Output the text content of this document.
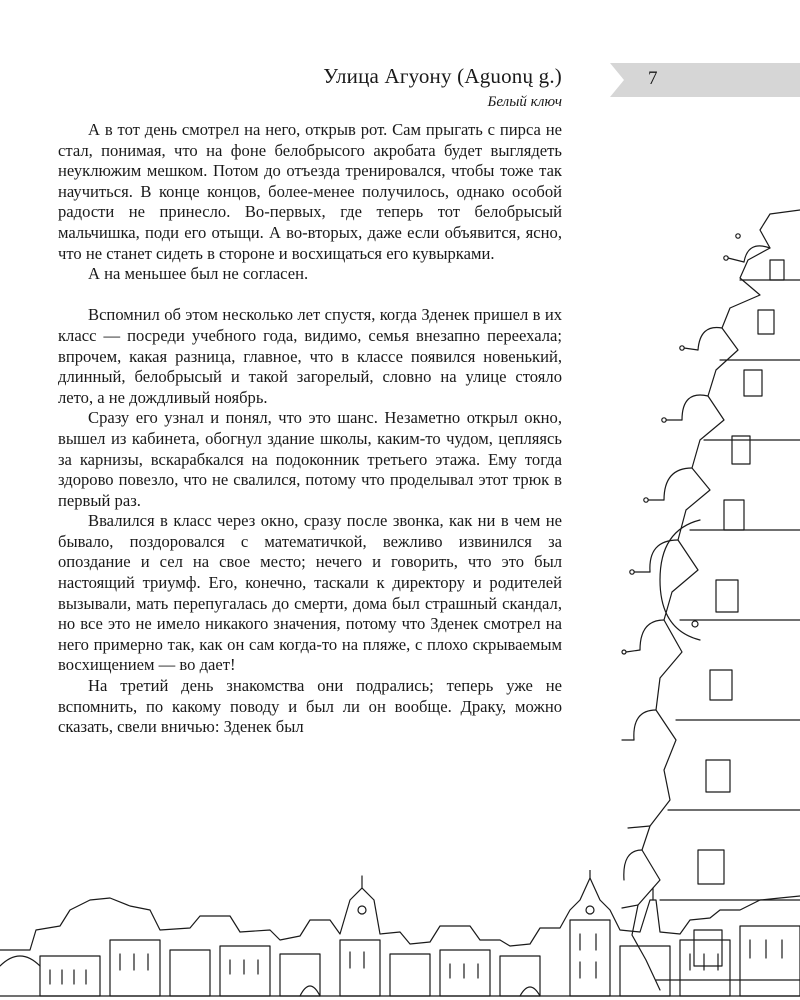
Улица Агуону (Aguonų g.)
Белый ключ
7

А в тот день смотрел на него, открыв рот. Сам прыгать с пирса не стал, понимая, что на фоне белобрысого акробата будет выглядеть неуклюжим мешком. Потом до отъезда тренировался, чтобы тоже так научиться. В конце концов, более-менее получилось, однако особой радости не принесло. Во-первых, где теперь тот белобрысый мальчишка, поди его отыщи. А во-вторых, даже если объявится, ясно, что не станет сидеть в стороне и восхищаться его кувырками.

А на меньшее был не согласен.

Вспомнил об этом несколько лет спустя, когда Зденек пришел в их класс — посреди учебного года, видимо, семья внезапно переехала; впрочем, какая разница, главное, что в классе появился новенький, длинный, белобрысый и такой загорелый, словно на улице стояло лето, а не дождливый ноябрь.

Сразу его узнал и понял, что это шанс. Незаметно открыл окно, вышел из кабинета, обогнул здание школы, каким-то чудом, цепляясь за карнизы, вскарабкался на подоконник третьего этажа. Ему тогда здорово повезло, что не свалился, потому что проделывал этот трюк в первый раз.

Ввалился в класс через окно, сразу после звонка, как ни в чем не бывало, поздоровался с математичкой, вежливо извинился за опоздание и сел на свое место; нечего и говорить, что это был настоящий триумф. Его, конечно, таскали к директору и родителей вызывали, мать перепугалась до смерти, дома был страшный скандал, но все это не имело никакого значения, потому что Зденек смотрел на него примерно так, как он сам когда-то на пляже, с плохо скрываемым восхищением — во дает!

На третий день знакомства они подрались; теперь уже не вспомнить, по какому поводу и был ли он вообще. Драку, можно сказать, свели вничью: Зденек был
